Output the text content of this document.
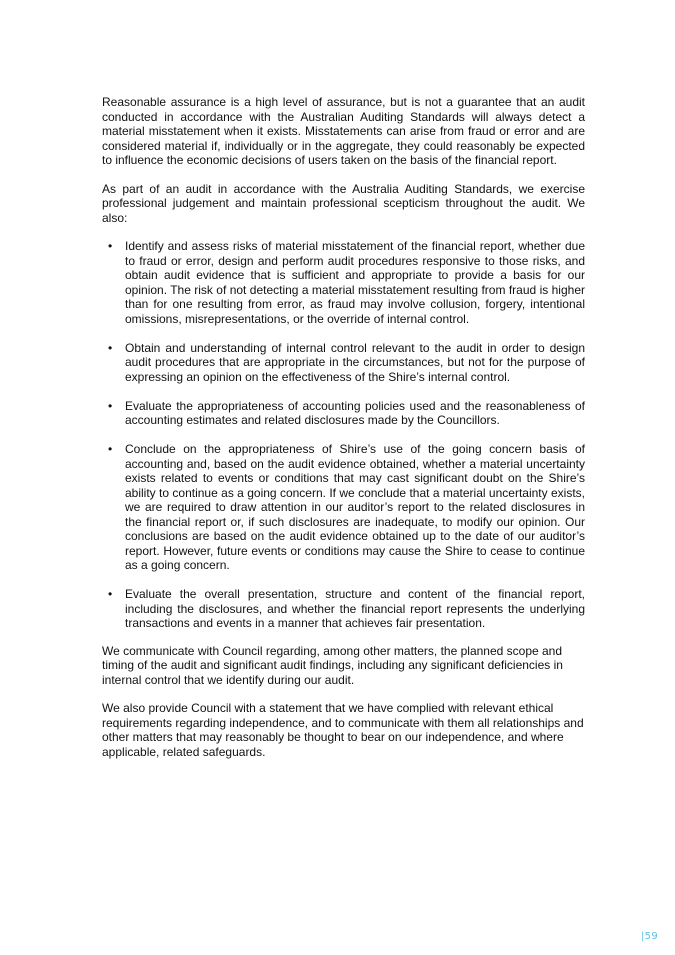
Reasonable assurance is a high level of assurance, but is not a guarantee that an audit conducted in accordance with the Australian Auditing Standards will always detect a material misstatement when it exists. Misstatements can arise from fraud or error and are considered material if, individually or in the aggregate, they could reasonably be expected to influence the economic decisions of users taken on the basis of the financial report.

As part of an audit in accordance with the Australia Auditing Standards, we exercise professional judgement and maintain professional scepticism throughout the audit. We also:

• Identify and assess risks of material misstatement of the financial report, whether due to fraud or error, design and perform audit procedures responsive to those risks, and obtain audit evidence that is sufficient and appropriate to provide a basis for our opinion. The risk of not detecting a material misstatement resulting from fraud is higher than for one resulting from error, as fraud may involve collusion, forgery, intentional omissions, misrepresentations, or the override of internal control.
• Obtain and understanding of internal control relevant to the audit in order to design audit procedures that are appropriate in the circumstances, but not for the purpose of expressing an opinion on the effectiveness of the Shire’s internal control.
• Evaluate the appropriateness of accounting policies used and the reasonableness of accounting estimates and related disclosures made by the Councillors.
• Conclude on the appropriateness of Shire’s use of the going concern basis of accounting and, based on the audit evidence obtained, whether a material uncertainty exists related to events or conditions that may cast significant doubt on the Shire’s ability to continue as a going concern. If we conclude that a material uncertainty exists, we are required to draw attention in our auditor’s report to the related disclosures in the financial report or, if such disclosures are inadequate, to modify our opinion. Our conclusions are based on the audit evidence obtained up to the date of our auditor’s report. However, future events or conditions may cause the Shire to cease to continue as a going concern.
• Evaluate the overall presentation, structure and content of the financial report, including the disclosures, and whether the financial report represents the underlying transactions and events in a manner that achieves fair presentation.

We communicate with Council regarding, among other matters, the planned scope and timing of the audit and significant audit findings, including any significant deficiencies in internal control that we identify during our audit.

We also provide Council with a statement that we have complied with relevant ethical requirements regarding independence, and to communicate with them all relationships and other matters that may reasonably be thought to bear on our independence, and where applicable, related safeguards.

|59
